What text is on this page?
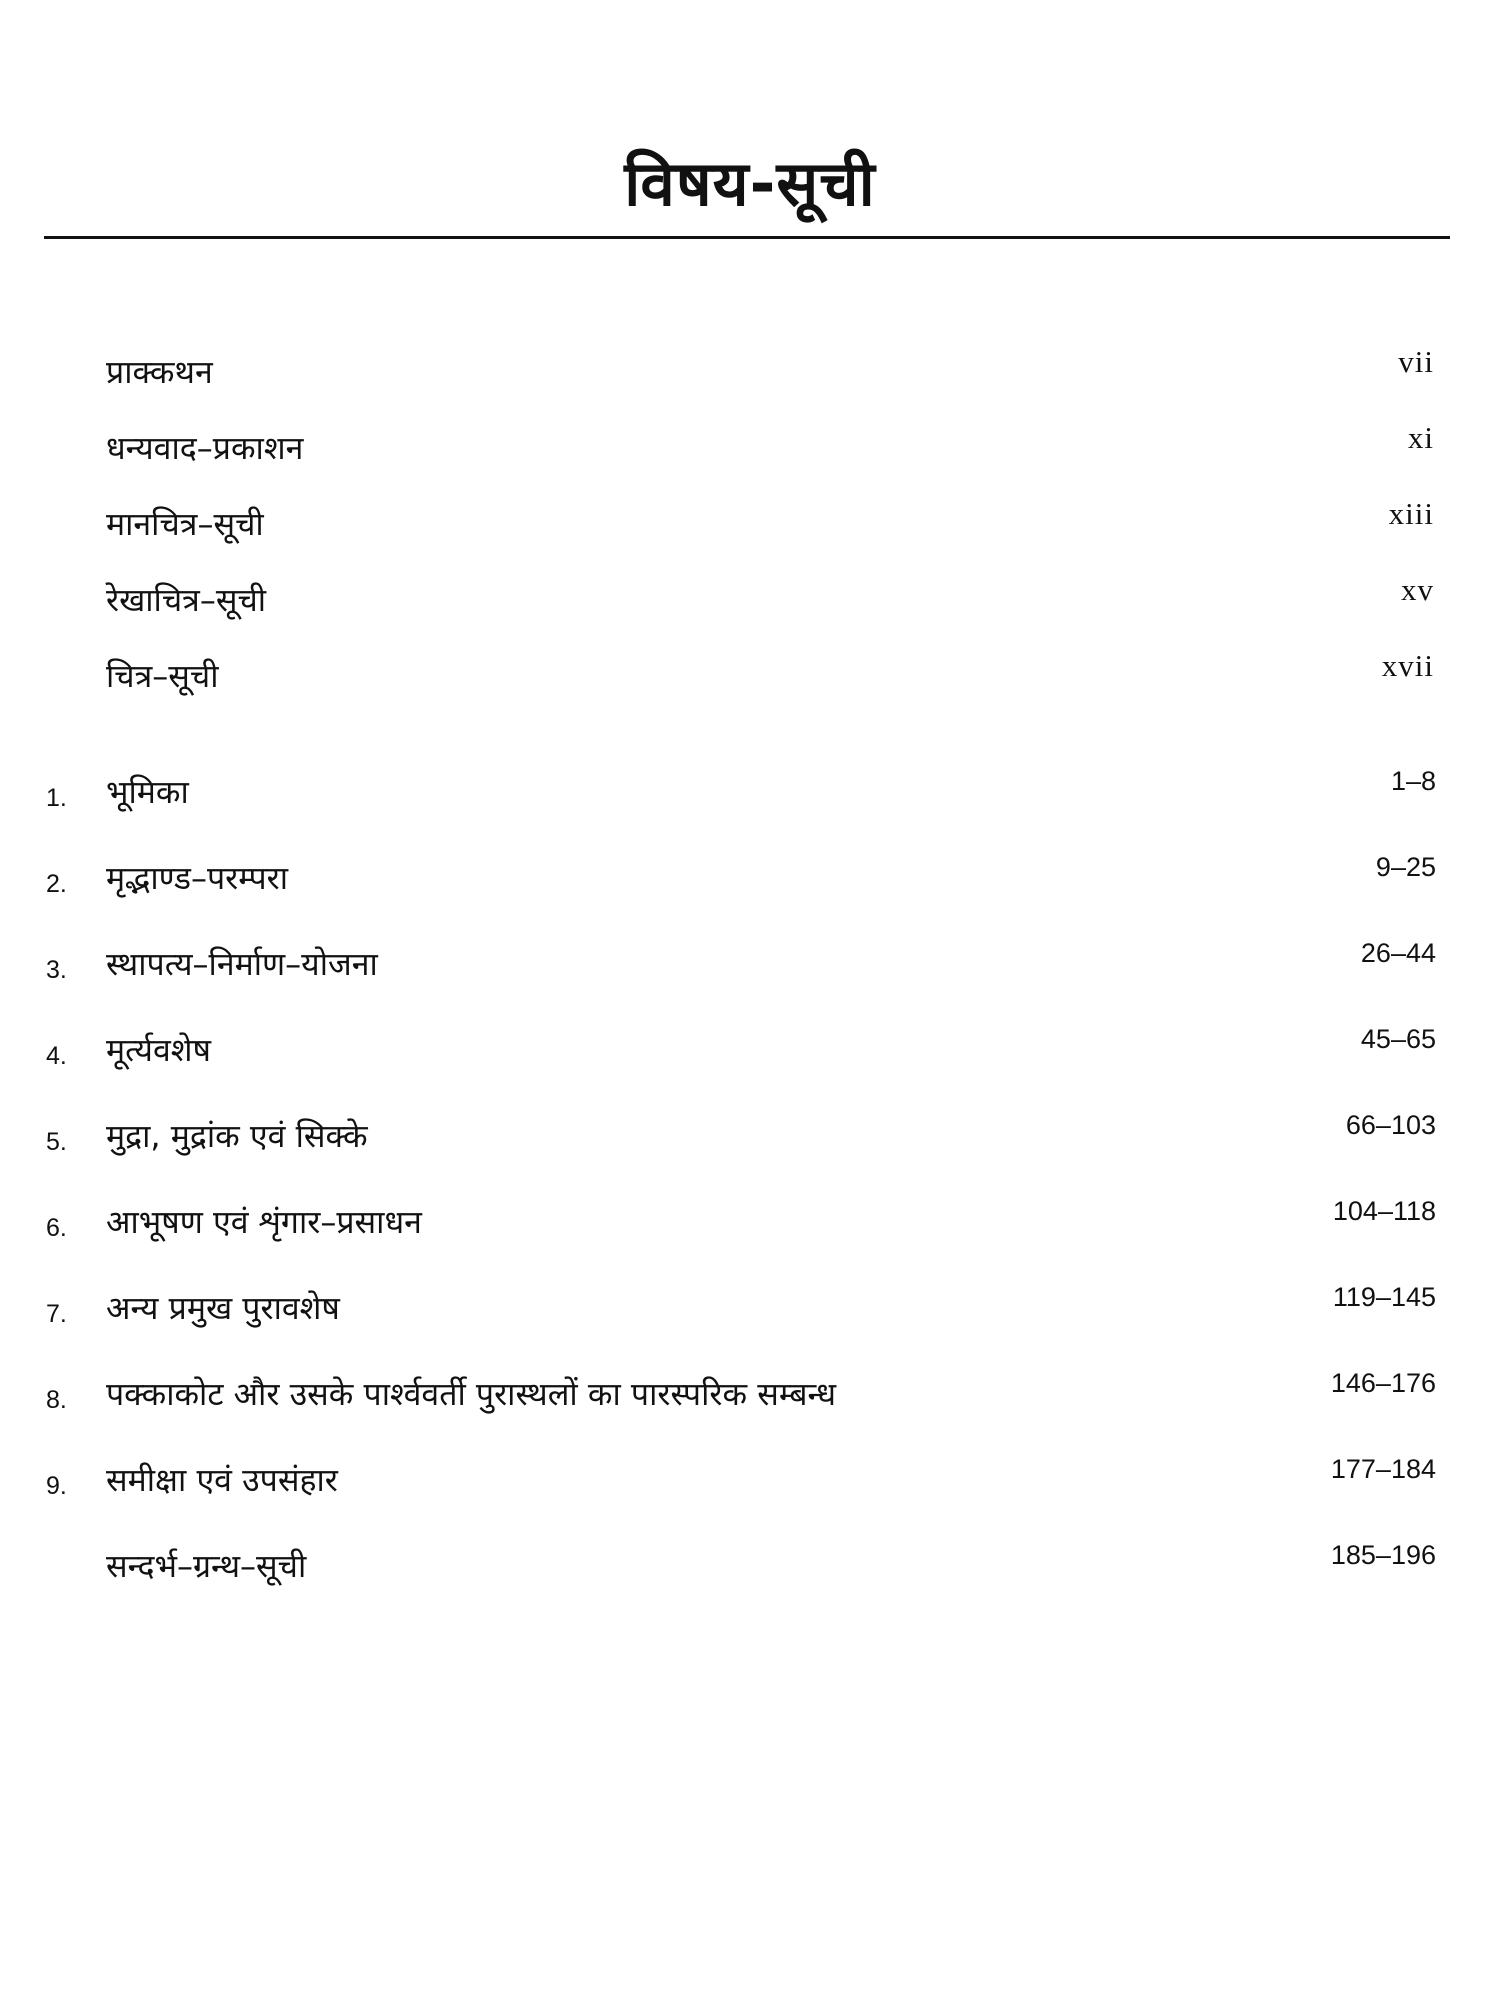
विषय-सूची
प्राक्कथन	vii
धन्यवाद–प्रकाशन	xi
मानचित्र–सूची	xiii
रेखाचित्र–सूची	xv
चित्र–सूची	xvii
1. भूमिका	1–8
2. मृद्भाण्ड–परम्परा	9–25
3. स्थापत्य–निर्माण–योजना	26–44
4. मूर्त्यवशेष	45–65
5. मुद्रा, मुद्रांक एवं सिक्के	66–103
6. आभूषण एवं शृंगार–प्रसाधन	104–118
7. अन्य प्रमुख पुरावशेष	119–145
8. पक्काकोट और उसके पार्श्ववर्ती पुरास्थलों का पारस्परिक सम्बन्ध	146–176
9. समीक्षा एवं उपसंहार	177–184
सन्दर्भ–ग्रन्थ–सूची	185–196
